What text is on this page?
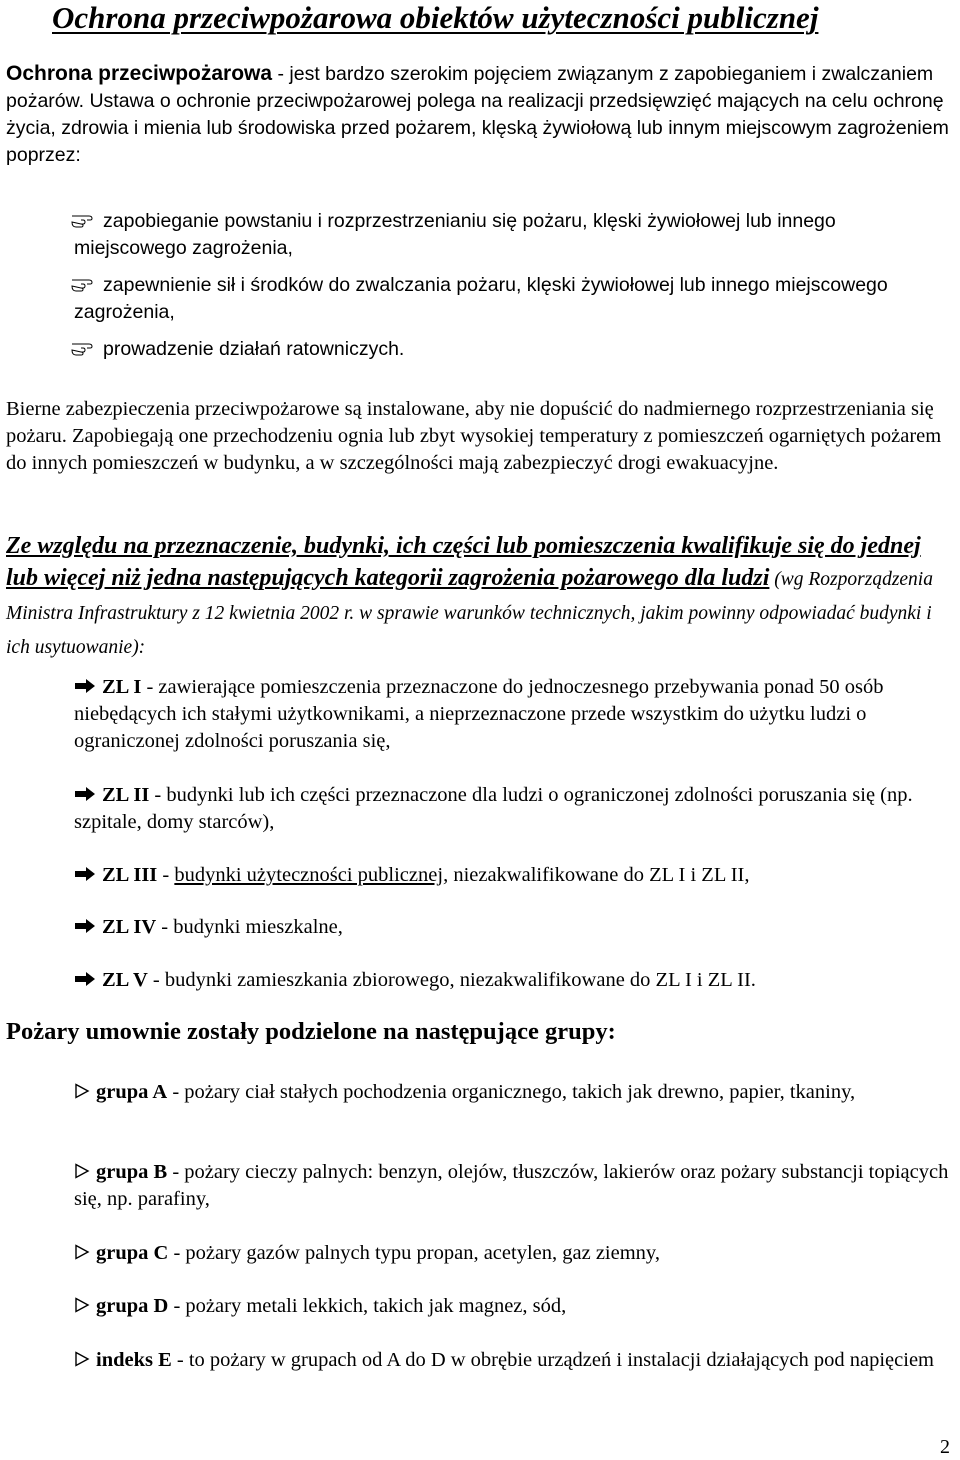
Ochrona przeciwpożarowa obiektów użyteczności publicznej

Ochrona przeciwpożarowa - jest bardzo szerokim pojęciem związanym z zapobieganiem i zwalczaniem pożarów. Ustawa o ochronie przeciwpożarowej polega na realizacji przedsięwzięć mających na celu ochronę życia, zdrowia i mienia lub środowiska przed pożarem, klęską żywiołową lub innym miejscowym zagrożeniem poprzez:

zapobieganie powstaniu i rozprzestrzenianiu się pożaru, klęski żywiołowej lub innego miejscowego zagrożenia,

zapewnienie sił i środków do zwalczania pożaru, klęski żywiołowej lub innego miejscowego zagrożenia,

prowadzenie działań ratowniczych.

Bierne zabezpieczenia przeciwpożarowe są instalowane, aby nie dopuścić do nadmiernego rozprzestrzeniania się pożaru. Zapobiegają one przechodzeniu ognia lub zbyt wysokiej temperatury z pomieszczeń ogarniętych pożarem do innych pomieszczeń w budynku, a w szczególności mają zabezpieczyć drogi ewakuacyjne.

Ze względu na przeznaczenie, budynki, ich części lub pomieszczenia kwalifikuje się do jednej lub więcej niż jedna następujących kategorii zagrożenia pożarowego dla ludzi (wg Rozporządzenia Ministra Infrastruktury z 12 kwietnia 2002 r. w sprawie warunków technicznych, jakim powinny odpowiadać budynki i ich usytuowanie):

ZL I - zawierające pomieszczenia przeznaczone do jednoczesnego przebywania ponad 50 osób niebędących ich stałymi użytkownikami, a nieprzeznaczone przede wszystkim do użytku ludzi o ograniczonej zdolności poruszania się,

ZL II - budynki lub ich części przeznaczone dla ludzi o ograniczonej zdolności poruszania się (np. szpitale, domy starców),

ZL III - budynki użyteczności publicznej, niezakwalifikowane do ZL I i ZL II,

ZL IV - budynki mieszkalne,

ZL V - budynki zamieszkania zbiorowego, niezakwalifikowane do ZL I i ZL II.

Pożary umownie zostały podzielone na następujące grupy:

grupa A - pożary ciał stałych pochodzenia organicznego, takich jak drewno, papier, tkaniny,

grupa B - pożary cieczy palnych: benzyn, olejów, tłuszczów, lakierów oraz pożary substancji topiących się, np. parafiny,

grupa C - pożary gazów palnych typu propan, acetylen, gaz ziemny,

grupa D - pożary metali lekkich, takich jak magnez, sód,

indeks E - to pożary w grupach od A do D w obrębie urządzeń i instalacji działających pod napięciem

2
